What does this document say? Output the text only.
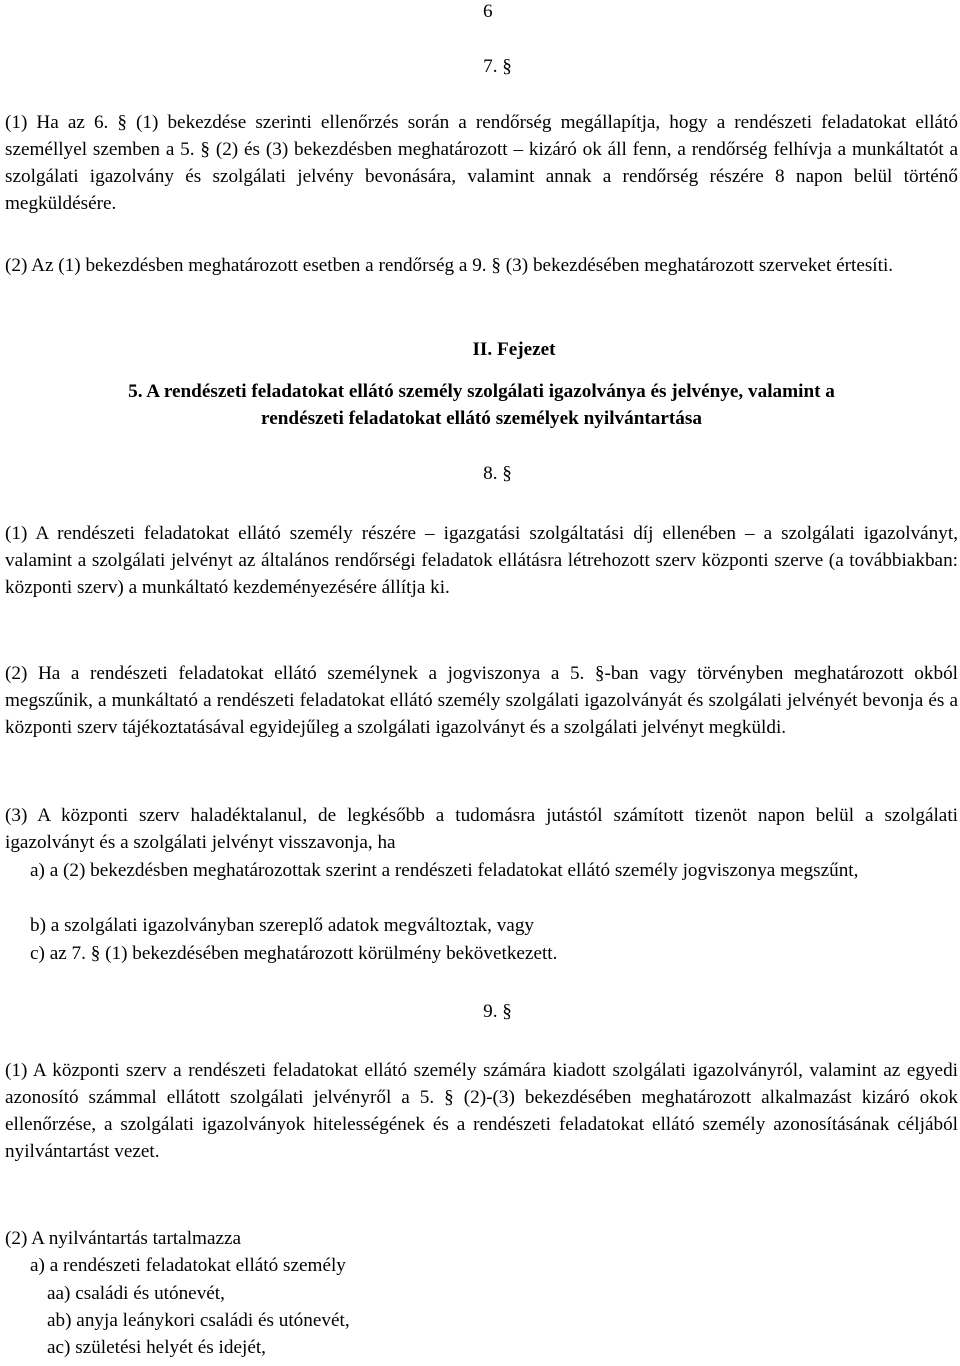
6

7. §

(1) Ha az 6. § (1) bekezdése szerinti ellenőrzés során a rendőrség megállapítja, hogy a rendészeti feladatokat ellátó személlyel szemben a 5. § (2) és (3) bekezdésben meghatározott – kizáró ok áll fenn, a rendőrség felhívja a munkáltatót a szolgálati igazolvány és szolgálati jelvény bevonására, valamint annak a rendőrség részére 8 napon belül történő megküldésére.

(2) Az (1) bekezdésben meghatározott esetben a rendőrség a 9. § (3) bekezdésében meghatározott szerveket értesíti.

II. Fejezet

5. A rendészeti feladatokat ellátó személy szolgálati igazolványa és jelvénye, valamint a

rendészeti feladatokat ellátó személyek nyilvántartása

8. §

(1) A rendészeti feladatokat ellátó személy részére – igazgatási szolgáltatási díj ellenében – a szolgálati igazolványt, valamint a szolgálati jelvényt az általános rendőrségi feladatok ellátásra létrehozott szerv központi szerve (a továbbiakban: központi szerv) a munkáltató kezdeményezésére állítja ki.

(2) Ha a rendészeti feladatokat ellátó személynek a jogviszonya a 5. §-ban vagy törvényben meghatározott okból megszűnik, a munkáltató a rendészeti feladatokat ellátó személy szolgálati igazolványát és szolgálati jelvényét bevonja és a központi szerv tájékoztatásával egyidejűleg a szolgálati igazolványt és a szolgálati jelvényt megküldi.

(3) A központi szerv haladéktalanul, de legkésőbb a tudomásra jutástól számított tizenöt napon belül a szolgálati igazolványt és a szolgálati jelvényt visszavonja, ha

a) a (2) bekezdésben meghatározottak szerint a rendészeti feladatokat ellátó személy jogviszonya megszűnt,

b) a szolgálati igazolványban szereplő adatok megváltoztak, vagy

c) az 7. § (1) bekezdésében meghatározott körülmény bekövetkezett.

9. §

(1) A központi szerv a rendészeti feladatokat ellátó személy számára kiadott szolgálati igazolványról, valamint az egyedi azonosító számmal ellátott szolgálati jelvényről a 5. § (2)-(3) bekezdésében meghatározott alkalmazást kizáró okok ellenőrzése, a szolgálati igazolványok hitelességének és a rendészeti feladatokat ellátó személy azonosításának céljából nyilvántartást vezet.

(2) A nyilvántartás tartalmazza

a) a rendészeti feladatokat ellátó személy

aa) családi és utónevét,

ab) anyja leánykori családi és utónevét,

ac) születési helyét és idejét,
